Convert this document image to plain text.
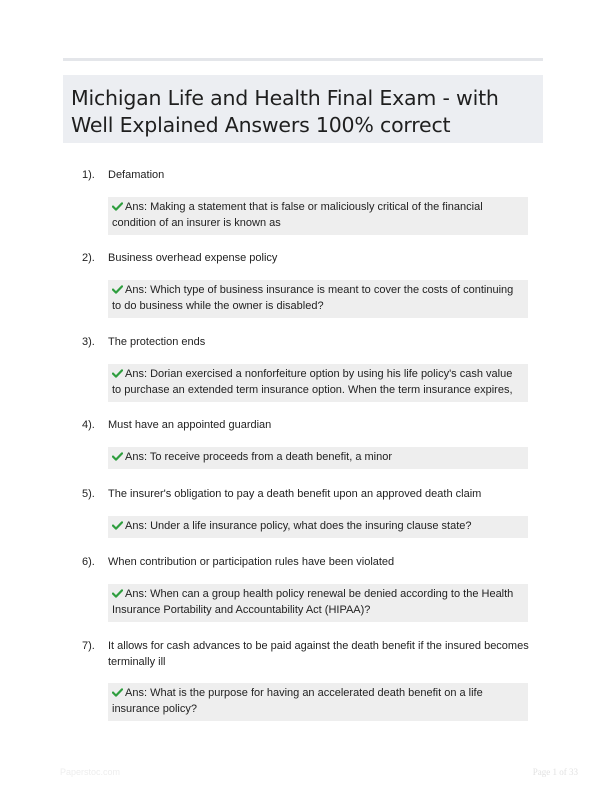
Michigan Life and Health Final Exam - with Well Explained Answers 100% correct
1). Defamation
Ans: Making a statement that is false or maliciously critical of the financial condition of an insurer is known as
2). Business overhead expense policy
Ans: Which type of business insurance is meant to cover the costs of continuing to do business while the owner is disabled?
3). The protection ends
Ans: Dorian exercised a nonforfeiture option by using his life policy's cash value to purchase an extended term insurance option. When the term insurance expires,
4). Must have an appointed guardian
Ans: To receive proceeds from a death benefit, a minor
5). The insurer's obligation to pay a death benefit upon an approved death claim
Ans: Under a life insurance policy, what does the insuring clause state?
6). When contribution or participation rules have been violated
Ans: When can a group health policy renewal be denied according to the Health Insurance Portability and Accountability Act (HIPAA)?
7). It allows for cash advances to be paid against the death benefit if the insured becomes terminally ill
Ans: What is the purpose for having an accelerated death benefit on a life insurance policy?
Paperstoc.com	Page 1 of 33
